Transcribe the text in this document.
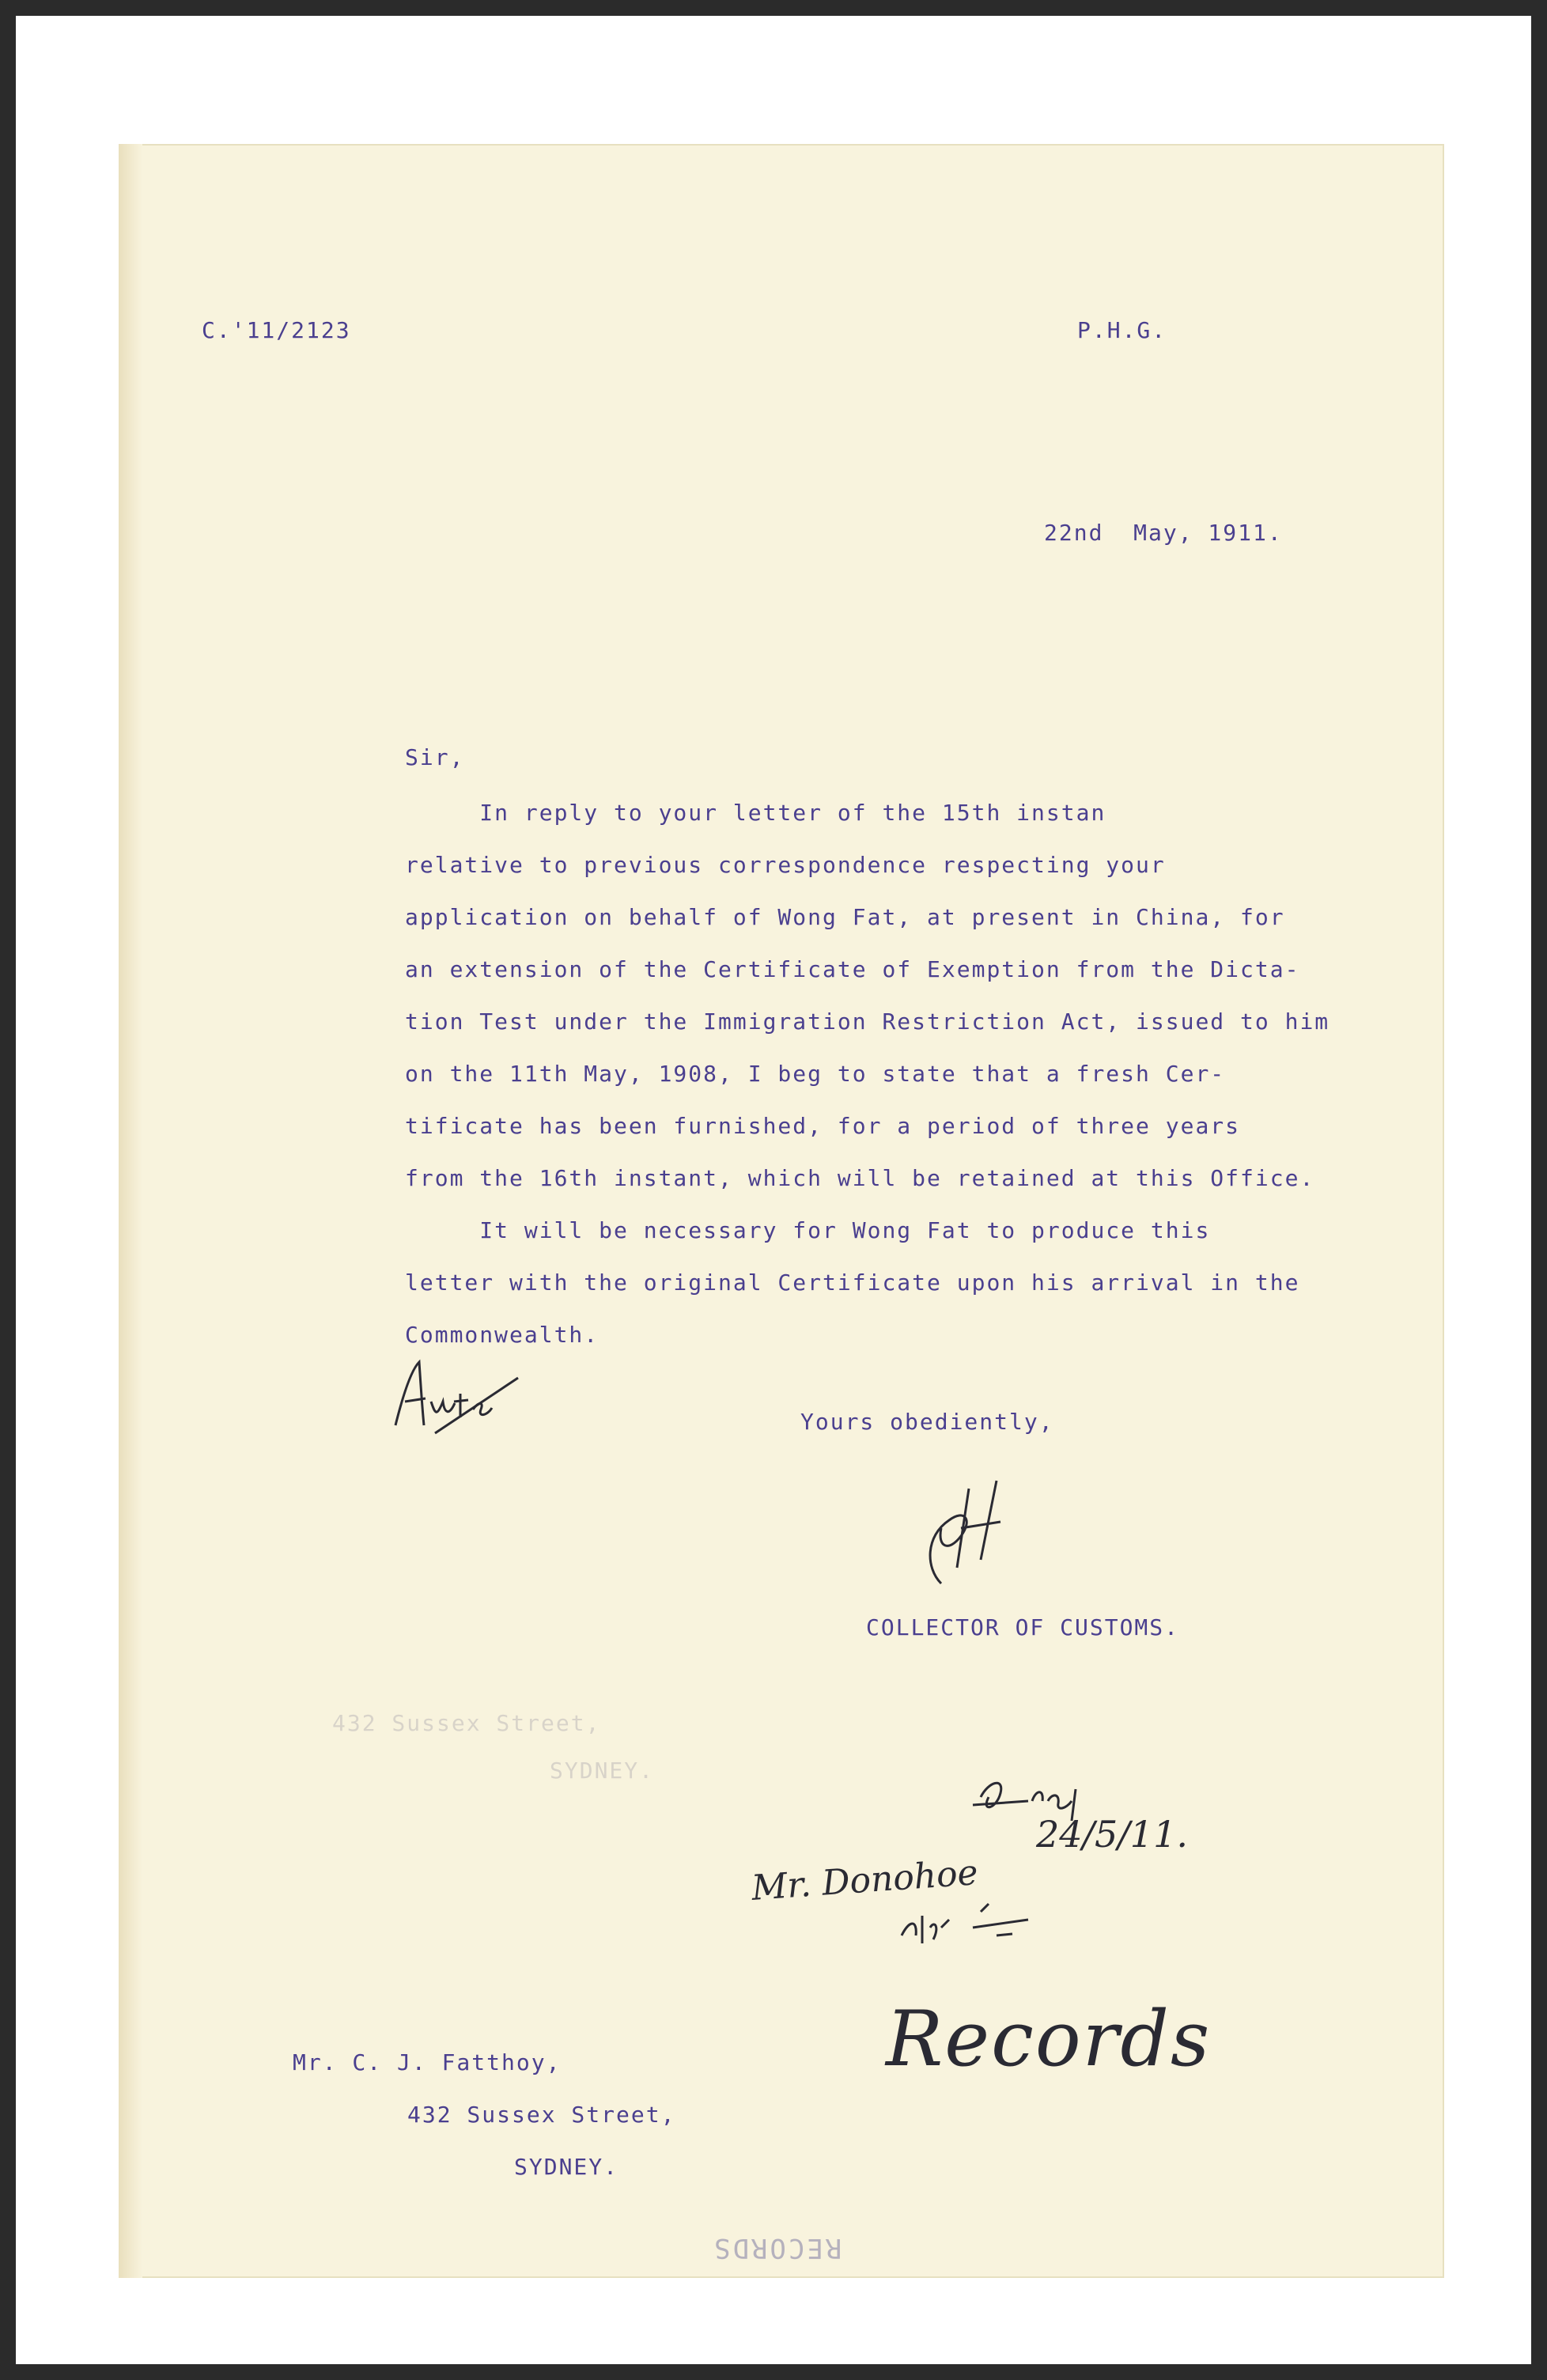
C.'11/2123	P.H.G.
22nd  May, 1911.
Sir,
In reply to your letter of the 15th instan
relative to previous correspondence respecting your
application on behalf of Wong Fat, at present in China, for
an extension of the Certificate of Exemption from the Dicta-
tion Test under the Immigration Restriction Act, issued to him
on the 11th May, 1908, I beg to state that a fresh Cer-
tificate has been furnished, for a period of three years
from the 16th instant, which will be retained at this Office.
It will be necessary for Wong Fat to produce this
letter with the original Certificate upon his arrival in the
Commonwealth.
Yours obediently,
COLLECTOR OF CUSTOMS.
432 Sussex Street,
SYDNEY.
24/5/11.
Mr. Donohoe
Records
Mr. C. J. Fatthoy,
432 Sussex Street,
SYDNEY.
RECORDS
